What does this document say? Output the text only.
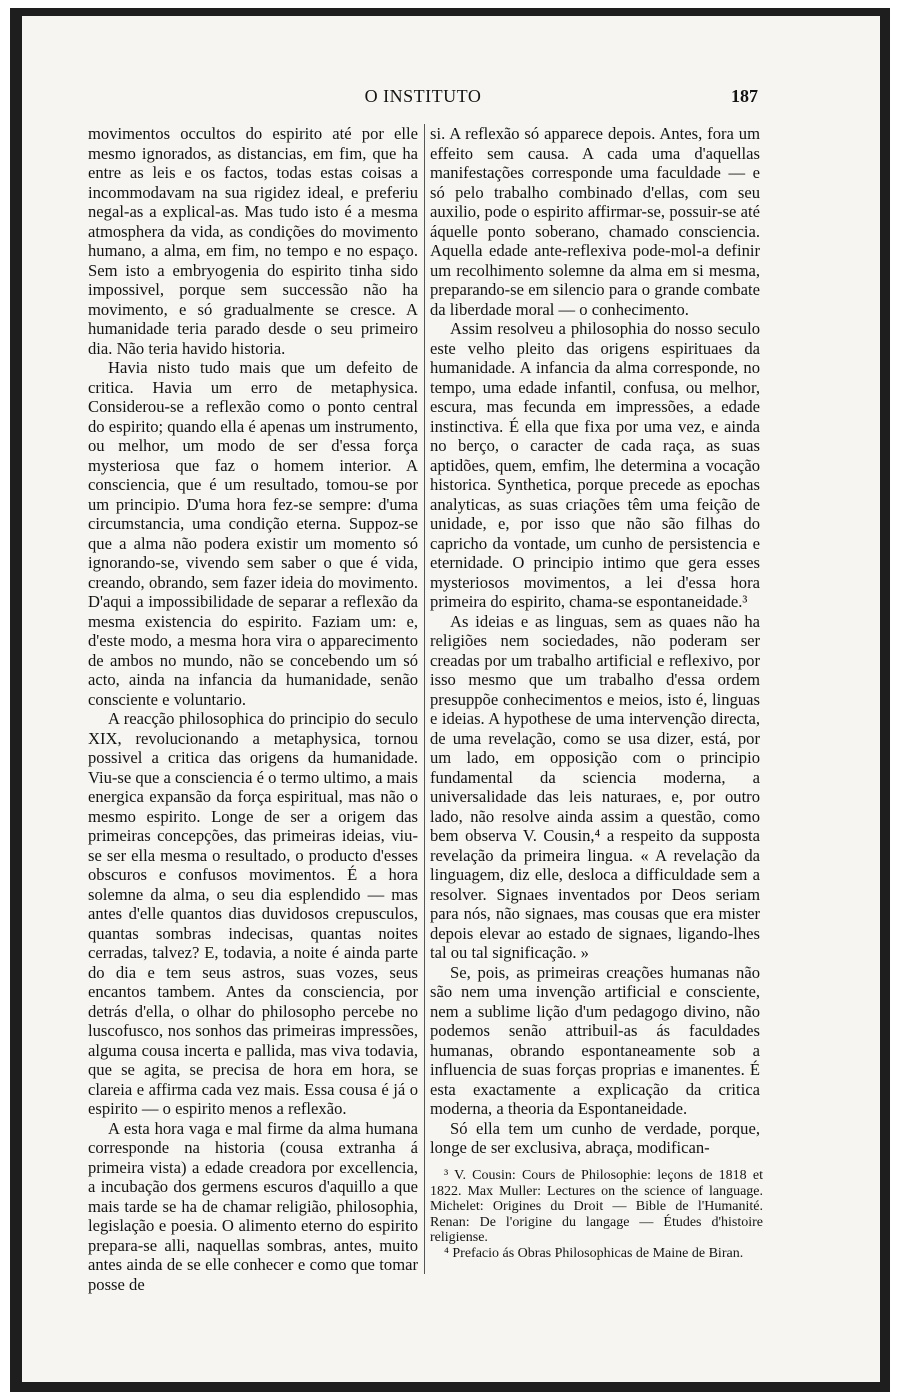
O INSTITUTO	187

movimentos occultos do espirito até por elle mesmo ignorados, as distancias, em fim, que ha entre as leis e os factos, todas estas coisas a incommodavam na sua rigidez ideal, e preferiu negal-as a explical-as. Mas tudo isto é a mesma atmosphera da vida, as condições do movimento humano, a alma, em fim, no tempo e no espaço. Sem isto a embryogenia do espirito tinha sido impossivel, porque sem successão não ha movimento, e só gradualmente se cresce. A humanidade teria parado desde o seu primeiro dia. Não teria havido historia.

Havia nisto tudo mais que um defeito de critica. Havia um erro de metaphysica. Considerou-se a reflexão como o ponto central do espirito; quando ella é apenas um instrumento, ou melhor, um modo de ser d'essa força mysteriosa que faz o homem interior. A consciencia, que é um resultado, tomou-se por um principio. D'uma hora fez-se sempre: d'uma circumstancia, uma condição eterna. Suppoz-se que a alma não podera existir um momento só ignorando-se, vivendo sem saber o que é vida, creando, obrando, sem fazer ideia do movimento. D'aqui a impossibilidade de separar a reflexão da mesma existencia do espirito. Faziam um: e, d'este modo, a mesma hora vira o apparecimento de ambos no mundo, não se concebendo um só acto, ainda na infancia da humanidade, senão consciente e voluntario.

A reacção philosophica do principio do seculo XIX, revolucionando a metaphysica, tornou possivel a critica das origens da humanidade. Viu-se que a consciencia é o termo ultimo, a mais energica expansão da força espiritual, mas não o mesmo espirito. Longe de ser a origem das primeiras concepções, das primeiras ideias, viu-se ser ella mesma o resultado, o producto d'esses obscuros e confusos movimentos. É a hora solemne da alma, o seu dia esplendido — mas antes d'elle quantos dias duvidosos crepusculos, quantas sombras indecisas, quantas noites cerradas, talvez? E, todavia, a noite é ainda parte do dia e tem seus astros, suas vozes, seus encantos tambem. Antes da consciencia, por detrás d'ella, o olhar do philosopho percebe no luscofusco, nos sonhos das primeiras impressões, alguma cousa incerta e pallida, mas viva todavia, que se agita, se precisa de hora em hora, se clareia e affirma cada vez mais. Essa cousa é já o espirito — o espirito menos a reflexão.

A esta hora vaga e mal firme da alma humana corresponde na historia (cousa extranha á primeira vista) a edade creadora por excellencia, a incubação dos germens escuros d'aquillo a que mais tarde se ha de chamar religião, philosophia, legislação e poesia. O alimento eterno do espirito prepara-se alli, naquellas sombras, antes, muito antes ainda de se elle conhecer e como que tomar posse de

si. A reflexão só apparece depois. Antes, fora um effeito sem causa. A cada uma d'aquellas manifestações corresponde uma faculdade — e só pelo trabalho combinado d'ellas, com seu auxilio, pode o espirito affirmar-se, possuir-se até áquelle ponto soberano, chamado consciencia. Aquella edade ante-reflexiva pode-mol-a definir um recolhimento solemne da alma em si mesma, preparando-se em silencio para o grande combate da liberdade moral — o conhecimento.

Assim resolveu a philosophia do nosso seculo este velho pleito das origens espirituaes da humanidade. A infancia da alma corresponde, no tempo, uma edade infantil, confusa, ou melhor, escura, mas fecunda em impressões, a edade instinctiva. É ella que fixa por uma vez, e ainda no berço, o caracter de cada raça, as suas aptidões, quem, emfim, lhe determina a vocação historica. Synthetica, porque precede as epochas analyticas, as suas criações têm uma feição de unidade, e, por isso que não são filhas do capricho da vontade, um cunho de persistencia e eternidade. O principio intimo que gera esses mysteriosos movimentos, a lei d'essa hora primeira do espirito, chama-se espontaneidade.³

As ideias e as linguas, sem as quaes não ha religiões nem sociedades, não poderam ser creadas por um trabalho artificial e reflexivo, por isso mesmo que um trabalho d'essa ordem presuppõe conhecimentos e meios, isto é, linguas e ideias. A hypothese de uma intervenção directa, de uma revelação, como se usa dizer, está, por um lado, em opposição com o principio fundamental da sciencia moderna, a universalidade das leis naturaes, e, por outro lado, não resolve ainda assim a questão, como bem observa V. Cousin,⁴ a respeito da supposta revelação da primeira lingua. « A revelação da linguagem, diz elle, desloca a difficuldade sem a resolver. Signaes inventados por Deos seriam para nós, não signaes, mas cousas que era mister depois elevar ao estado de signaes, ligando-lhes tal ou tal significação. »

Se, pois, as primeiras creações humanas não são nem uma invenção artificial e consciente, nem a sublime lição d'um pedagogo divino, não podemos senão attribuil-as ás faculdades humanas, obrando espontaneamente sob a influencia de suas forças proprias e imanentes. É esta exactamente a explicação da critica moderna, a theoria da Espontaneidade.

Só ella tem um cunho de verdade, porque, longe de ser exclusiva, abraça, modifican-

³ V. Cousin: Cours de Philosophie: leçons de 1818 et 1822. Max Muller: Lectures on the science of language. Michelet: Origines du Droit — Bible de l'Humanité. Renan: De l'origine du langage — Études d'histoire religiense.

⁴ Prefacio ás Obras Philosophicas de Maine de Biran.
